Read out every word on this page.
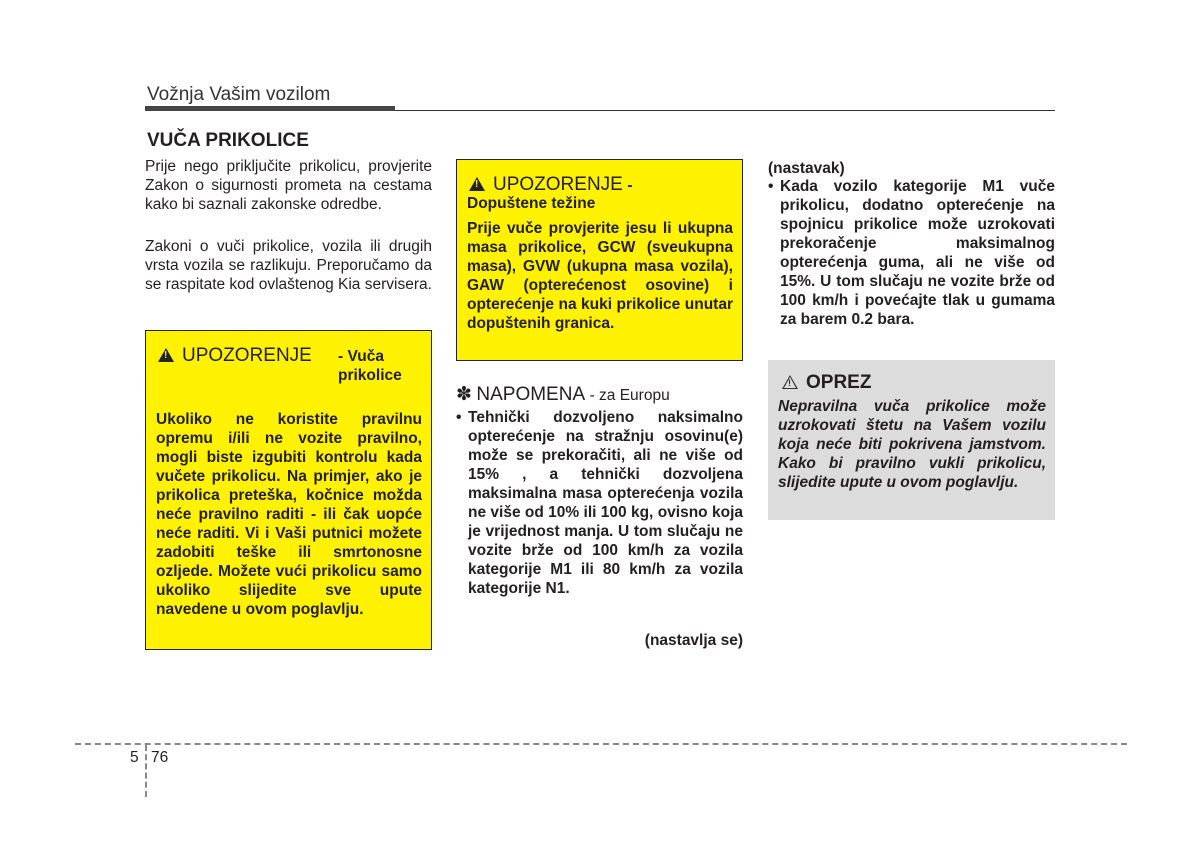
Vožnja Vašim vozilom
VUČA PRIKOLICE
Prije nego priključite prikolicu, provjerite Zakon o sigurnosti prometa na cestama kako bi saznali zakonske odredbe.
Zakoni o vuči prikolice, vozila ili drugih vrsta vozila se razlikuju. Preporučamo da se raspitate kod ovlaštenog Kia servisera.
!UPOZORENJE	- Vuča prikolice
Ukoliko ne koristite pravilnu opremu i/ili ne vozite pravilno, mogli biste izgubiti kontrolu kada vučete prikolicu. Na primjer, ako je prikolica preteška, kočnice možda neće pravilno raditi - ili čak uopće neće raditi. Vi i Vaši putnici možete zadobiti teške ili smrtonosne ozljede. Možete vući prikolicu samo ukoliko slijedite sve upute navedene u ovom poglavlju.
!UPOZORENJE -
Dopuštene težine
Prije vuče provjerite jesu li ukupna masa prikolice, GCW (sveukupna masa), GVW (ukupna masa vozila), GAW (opterećenost osovine) i opterećenje na kuki prikolice unutar dopuštenih granica.
✽ NAPOMENA - za Europu
• Tehnički dozvoljeno naksimalno opterećenje na stražnju osovinu(e) može se prekoračiti, ali ne više od 15% , a tehnički dozvoljena maksimalna masa opterećenja vozila ne više od 10% ili 100 kg, ovisno koja je vrijednost manja. U tom slučaju ne vozite brže od 100 km/h za vozila kategorije M1 ili 80 km/h za vozila kategorije N1.
(nastavlja se)
(nastavak)
• Kada vozilo kategorije M1 vuče prikolicu, dodatno opterećenje na spojnicu prikolice može uzrokovati prekoračenje maksimalnog opterećenja guma, ali ne više od 15%. U tom slučaju ne vozite brže od 100 km/h i povećajte tlak u gumama za barem 0.2 bara.
!OPREZ
Nepravilna vuča prikolice može uzrokovati štetu na Vašem vozilu koja neće biti pokrivena jamstvom. Kako bi pravilno vukli prikolicu, slijedite upute u ovom poglavlju.
5 76
